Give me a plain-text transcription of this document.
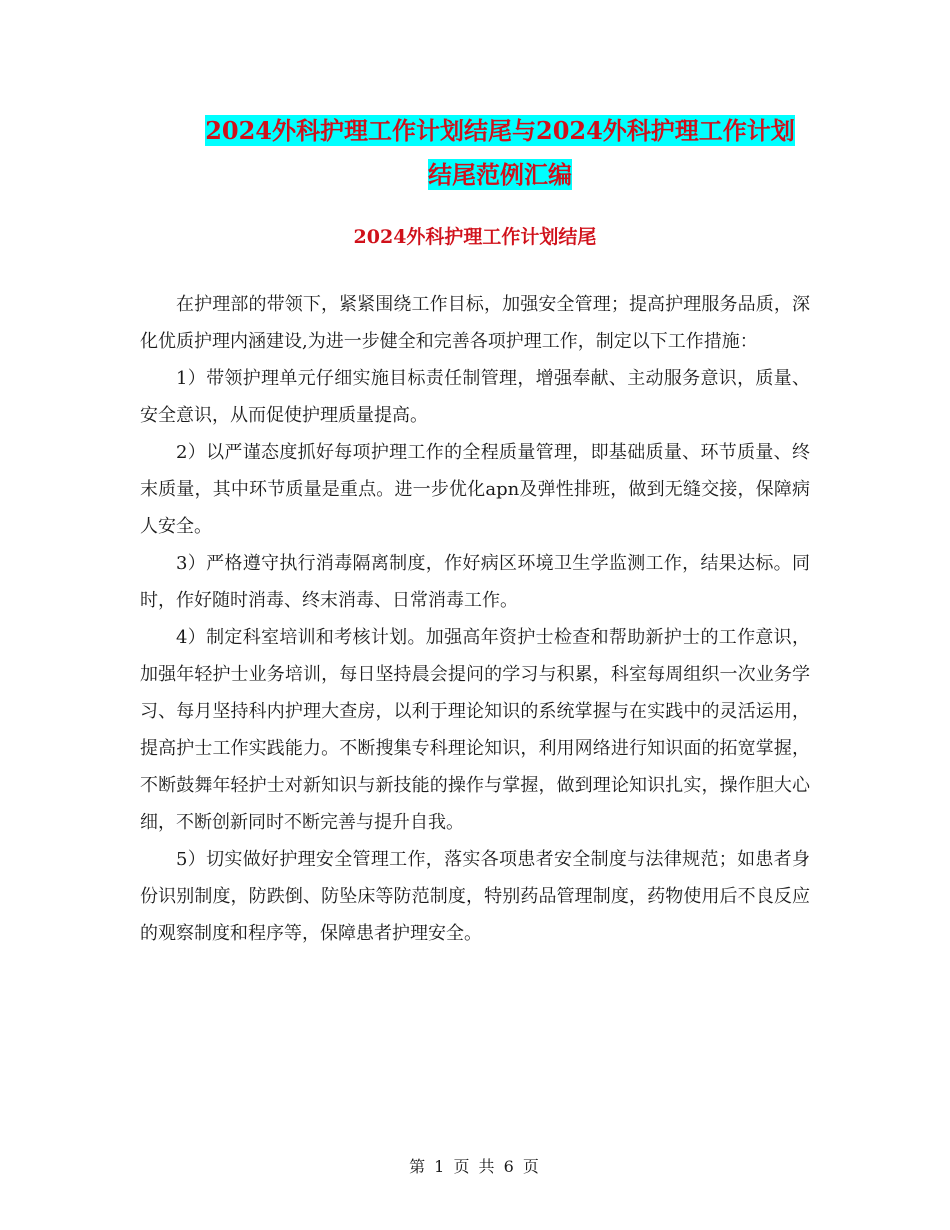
2024外科护理工作计划结尾与2024外科护理工作计划
结尾范例汇编
2024外科护理工作计划结尾

在护理部的带领下，紧紧围绕工作目标，加强安全管理；提高护理服务品质，深化优质护理内涵建设,为进一步健全和完善各项护理工作，制定以下工作措施：

1）带领护理单元仔细实施目标责任制管理，增强奉献、主动服务意识，质量、安全意识，从而促使护理质量提高。

2）以严谨态度抓好每项护理工作的全程质量管理，即基础质量、环节质量、终末质量，其中环节质量是重点。进一步优化apn及弹性排班，做到无缝交接，保障病人安全。

3）严格遵守执行消毒隔离制度，作好病区环境卫生学监测工作，结果达标。同时，作好随时消毒、终末消毒、日常消毒工作。

4）制定科室培训和考核计划。加强高年资护士检查和帮助新护士的工作意识，加强年轻护士业务培训，每日坚持晨会提问的学习与积累，科室每周组织一次业务学习、每月坚持科内护理大查房，以利于理论知识的系统掌握与在实践中的灵活运用，提高护士工作实践能力。不断搜集专科理论知识，利用网络进行知识面的拓宽掌握，不断鼓舞年轻护士对新知识与新技能的操作与掌握，做到理论知识扎实，操作胆大心细，不断创新同时不断完善与提升自我。

5）切实做好护理安全管理工作，落实各项患者安全制度与法律规范；如患者身份识别制度，防跌倒、防坠床等防范制度，特别药品管理制度，药物使用后不良反应的观察制度和程序等，保障患者护理安全。

第 1 页 共 6 页
